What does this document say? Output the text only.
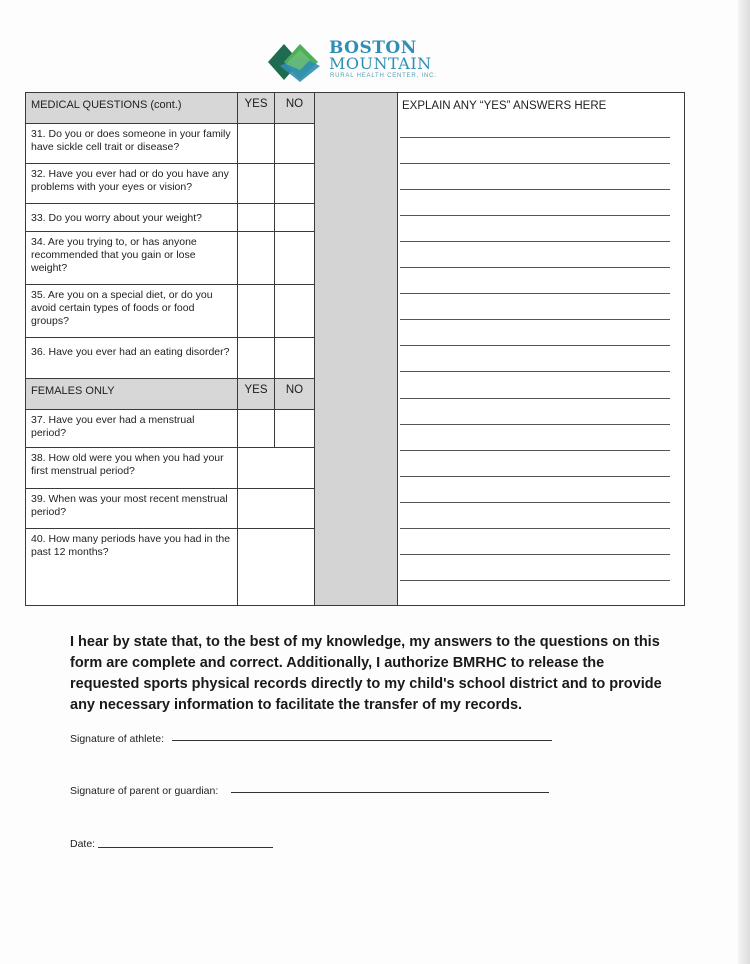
BOSTON
MOUNTAIN
RURAL HEALTH CENTER, INC.
EXPLAIN ANY “YES” ANSWERS HERE
MEDICAL QUESTIONS (cont.)	YES	NO
31. Do you or does someone in your family have sickle cell trait or disease?
32. Have you ever had or do you have any problems with your eyes or vision?
33. Do you worry about your weight?
34. Are you trying to, or has anyone recommended that you gain or lose weight?
35. Are you on a special diet, or do you avoid certain types of foods or food groups?
36. Have you ever had an eating disorder?
FEMALES ONLY	YES	NO
37. Have you ever had a menstrual period?
38. How old were you when you had your first menstrual period?
39. When was your most recent menstrual period?
40. How many periods have you had in the past 12 months?
I hear by state that, to the best of my knowledge, my answers to the questions on this form are complete and correct. Additionally, I authorize BMRHC to release the requested sports physical records directly to my child's school district and to provide any necessary information to facilitate the transfer of my records.
Signature of athlete:
Signature of parent or guardian:
Date:
